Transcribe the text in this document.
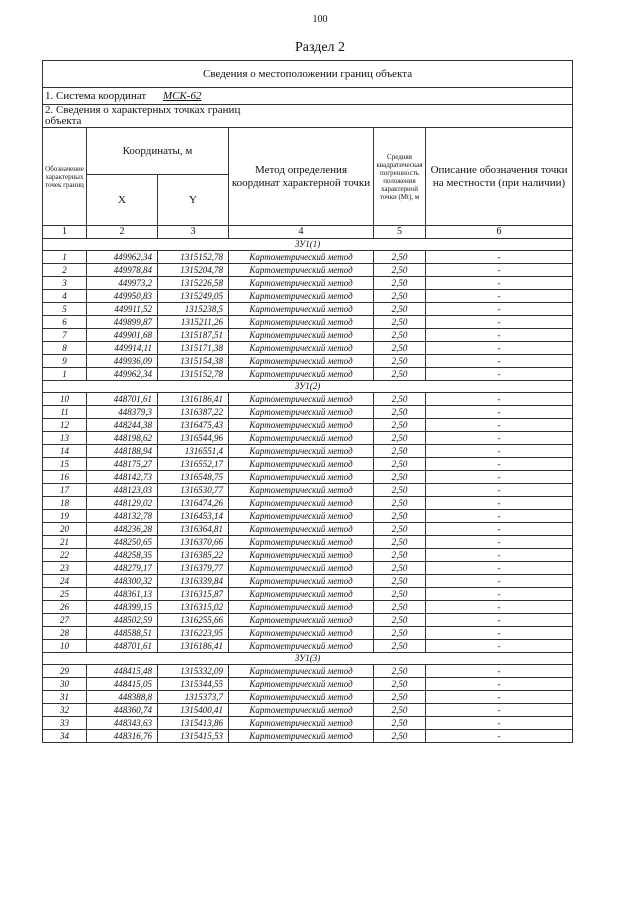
100
Раздел 2
Сведения о местоположении границ объекта					
1. Система координат МСК-62					
2. Сведения о характерных точках границ объекта					
Обозначение характерных точек границ	Координаты, м		Метод определения координат характерной точки	Средняя квадратическая погрешность положения характерной точки (Mt), м	Описание обозначения точки на местности (при наличии)
	X	Y			
1	2	3	4	5	6
ЗУ1(1)					
1	449962,34	1315152,78	Картометрический метод	2,50	-
2	449978,84	1315204,78	Картометрический метод	2,50	-
3	449973,2	1315226,58	Картометрический метод	2,50	-
4	449950,83	1315249,05	Картометрический метод	2,50	-
5	449911,52	1315238,5	Картометрический метод	2,50	-
6	449899,87	1315211,26	Картометрический метод	2,50	-
7	449901,68	1315187,51	Картометрический метод	2,50	-
8	449914,11	1315171,38	Картометрический метод	2,50	-
9	449936,09	1315154,38	Картометрический метод	2,50	-
1	449962,34	1315152,78	Картометрический метод	2,50	-
ЗУ1(2)					
10	448701,61	1316186,41	Картометрический метод	2,50	-
11	448379,3	1316387,22	Картометрический метод	2,50	-
12	448244,38	1316475,43	Картометрический метод	2,50	-
13	448198,62	1316544,96	Картометрический метод	2,50	-
14	448188,94	1316551,4	Картометрический метод	2,50	-
15	448175,27	1316552,17	Картометрический метод	2,50	-
16	448142,73	1316548,75	Картометрический метод	2,50	-
17	448123,03	1316530,77	Картометрический метод	2,50	-
18	448129,02	1316474,26	Картометрический метод	2,50	-
19	448132,78	1316453,14	Картометрический метод	2,50	-
20	448236,28	1316364,81	Картометрический метод	2,50	-
21	448250,65	1316370,66	Картометрический метод	2,50	-
22	448258,35	1316385,22	Картометрический метод	2,50	-
23	448279,17	1316379,77	Картометрический метод	2,50	-
24	448300,32	1316339,84	Картометрический метод	2,50	-
25	448361,13	1316315,87	Картометрический метод	2,50	-
26	448399,15	1316315,02	Картометрический метод	2,50	-
27	448502,59	1316255,66	Картометрический метод	2,50	-
28	448588,51	1316223,95	Картометрический метод	2,50	-
10	448701,61	1316186,41	Картометрический метод	2,50	-
ЗУ1(3)					
29	448415,48	1315332,09	Картометрический метод	2,50	-
30	448415,05	1315344,55	Картометрический метод	2,50	-
31	448388,8	1315373,7	Картометрический метод	2,50	-
32	448360,74	1315400,41	Картометрический метод	2,50	-
33	448343,63	1315413,86	Картометрический метод	2,50	-
34	448316,76	1315415,53	Картометрический метод	2,50	-
